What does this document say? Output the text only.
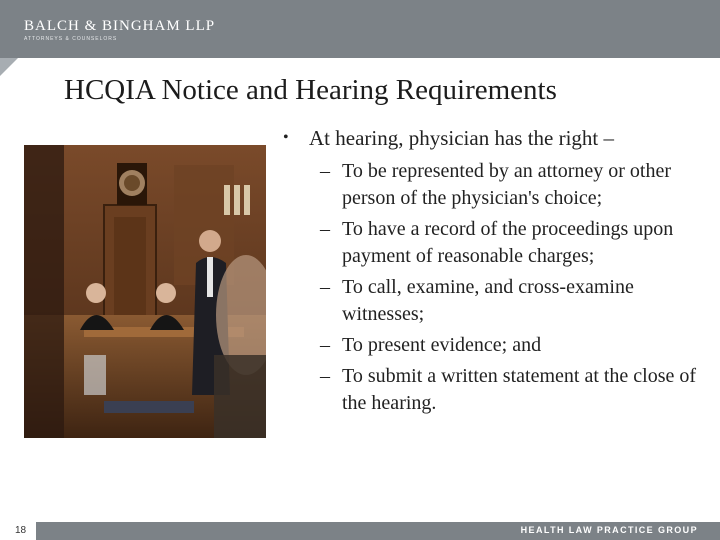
BALCH & BINGHAM LLP
ATTORNEYS & COUNSELORS
HCQIA Notice and Hearing Requirements
• At hearing, physician has the right –
– To be represented by an attorney or other person of the physician's choice;
– To have a record of the proceedings upon payment of reasonable charges;
– To call, examine, and cross-examine witnesses;
– To present evidence; and
– To submit a written statement at the close of the hearing.
18	HEALTH LAW PRACTICE GROUP
